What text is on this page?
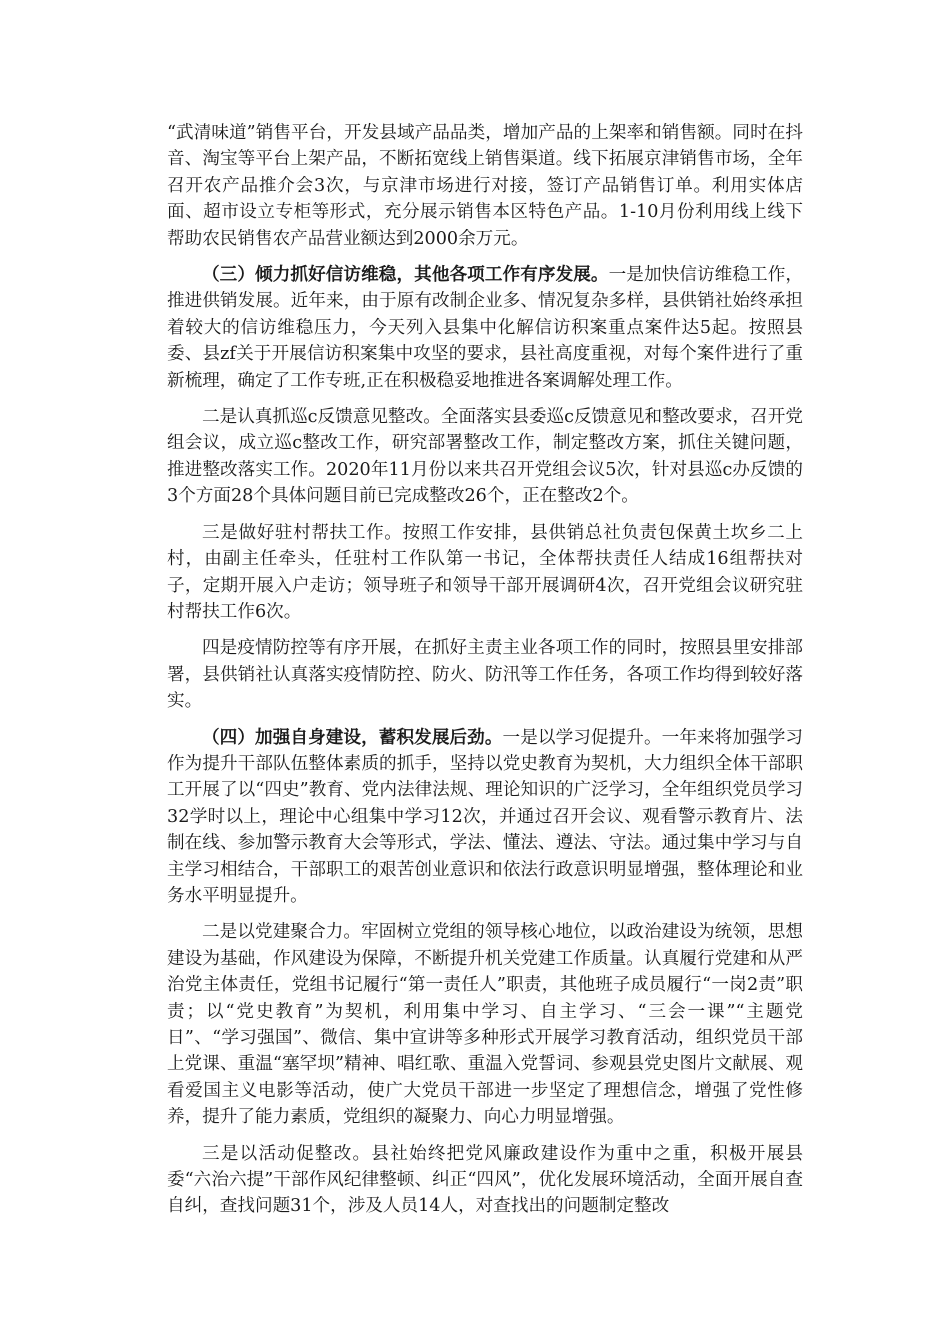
“武清味道”销售平台，开发县域产品品类，增加产品的上架率和销售额。同时在抖音、淘宝等平台上架产品，不断拓宽线上销售渠道。线下拓展京津销售市场，全年召开农产品推介会3次，与京津市场进行对接，签订产品销售订单。利用实体店面、超市设立专柜等形式，充分展示销售本区特色产品。1-10月份利用线上线下帮助农民销售农产品营业额达到2000余万元。

（三）倾力抓好信访维稳，其他各项工作有序发展。一是加快信访维稳工作，推进供销发展。近年来，由于原有改制企业多、情况复杂多样，县供销社始终承担着较大的信访维稳压力，今天列入县集中化解信访积案重点案件达5起。按照县委、县zf关于开展信访积案集中攻坚的要求，县社高度重视，对每个案件进行了重新梳理，确定了工作专班,正在积极稳妥地推进各案调解处理工作。

二是认真抓巡c反馈意见整改。全面落实县委巡c反馈意见和整改要求，召开党组会议，成立巡c整改工作，研究部署整改工作，制定整改方案，抓住关键问题，推进整改落实工作。2020年11月份以来共召开党组会议5次，针对县巡c办反馈的3个方面28个具体问题目前已完成整改26个，正在整改2个。

三是做好驻村帮扶工作。按照工作安排，县供销总社负责包保黄土坎乡二上村，由副主任牵头，任驻村工作队第一书记，全体帮扶责任人结成16组帮扶对子，定期开展入户走访；领导班子和领导干部开展调研4次，召开党组会议研究驻村帮扶工作6次。

四是疫情防控等有序开展，在抓好主责主业各项工作的同时，按照县里安排部署，县供销社认真落实疫情防控、防火、防汛等工作任务，各项工作均得到较好落实。

（四）加强自身建设，蓄积发展后劲。一是以学习促提升。一年来将加强学习作为提升干部队伍整体素质的抓手，坚持以党史教育为契机，大力组织全体干部职工开展了以“四史”教育、党内法律法规、理论知识的广泛学习，全年组织党员学习32学时以上，理论中心组集中学习12次，并通过召开会议、观看警示教育片、法制在线、参加警示教育大会等形式，学法、懂法、遵法、守法。通过集中学习与自主学习相结合，干部职工的艰苦创业意识和依法行政意识明显增强，整体理论和业务水平明显提升。

二是以党建聚合力。牢固树立党组的领导核心地位，以政治建设为统领，思想建设为基础，作风建设为保障，不断提升机关党建工作质量。认真履行党建和从严治党主体责任，党组书记履行“第一责任人”职责，其他班子成员履行“一岗2责”职责；以“党史教育”为契机，利用集中学习、自主学习、“三会一课”“主题党日”、“学习强国”、微信、集中宣讲等多种形式开展学习教育活动，组织党员干部上党课、重温“塞罕坝”精神、唱红歌、重温入党誓词、参观县党史图片文献展、观看爱国主义电影等活动，使广大党员干部进一步坚定了理想信念，增强了党性修养，提升了能力素质，党组织的凝聚力、向心力明显增强。

三是以活动促整改。县社始终把党风廉政建设作为重中之重，积极开展县委“六治六提”干部作风纪律整顿、纠正“四风”，优化发展环境活动，全面开展自查自纠，查找问题31个，涉及人员14人，对查找出的问题制定整改
